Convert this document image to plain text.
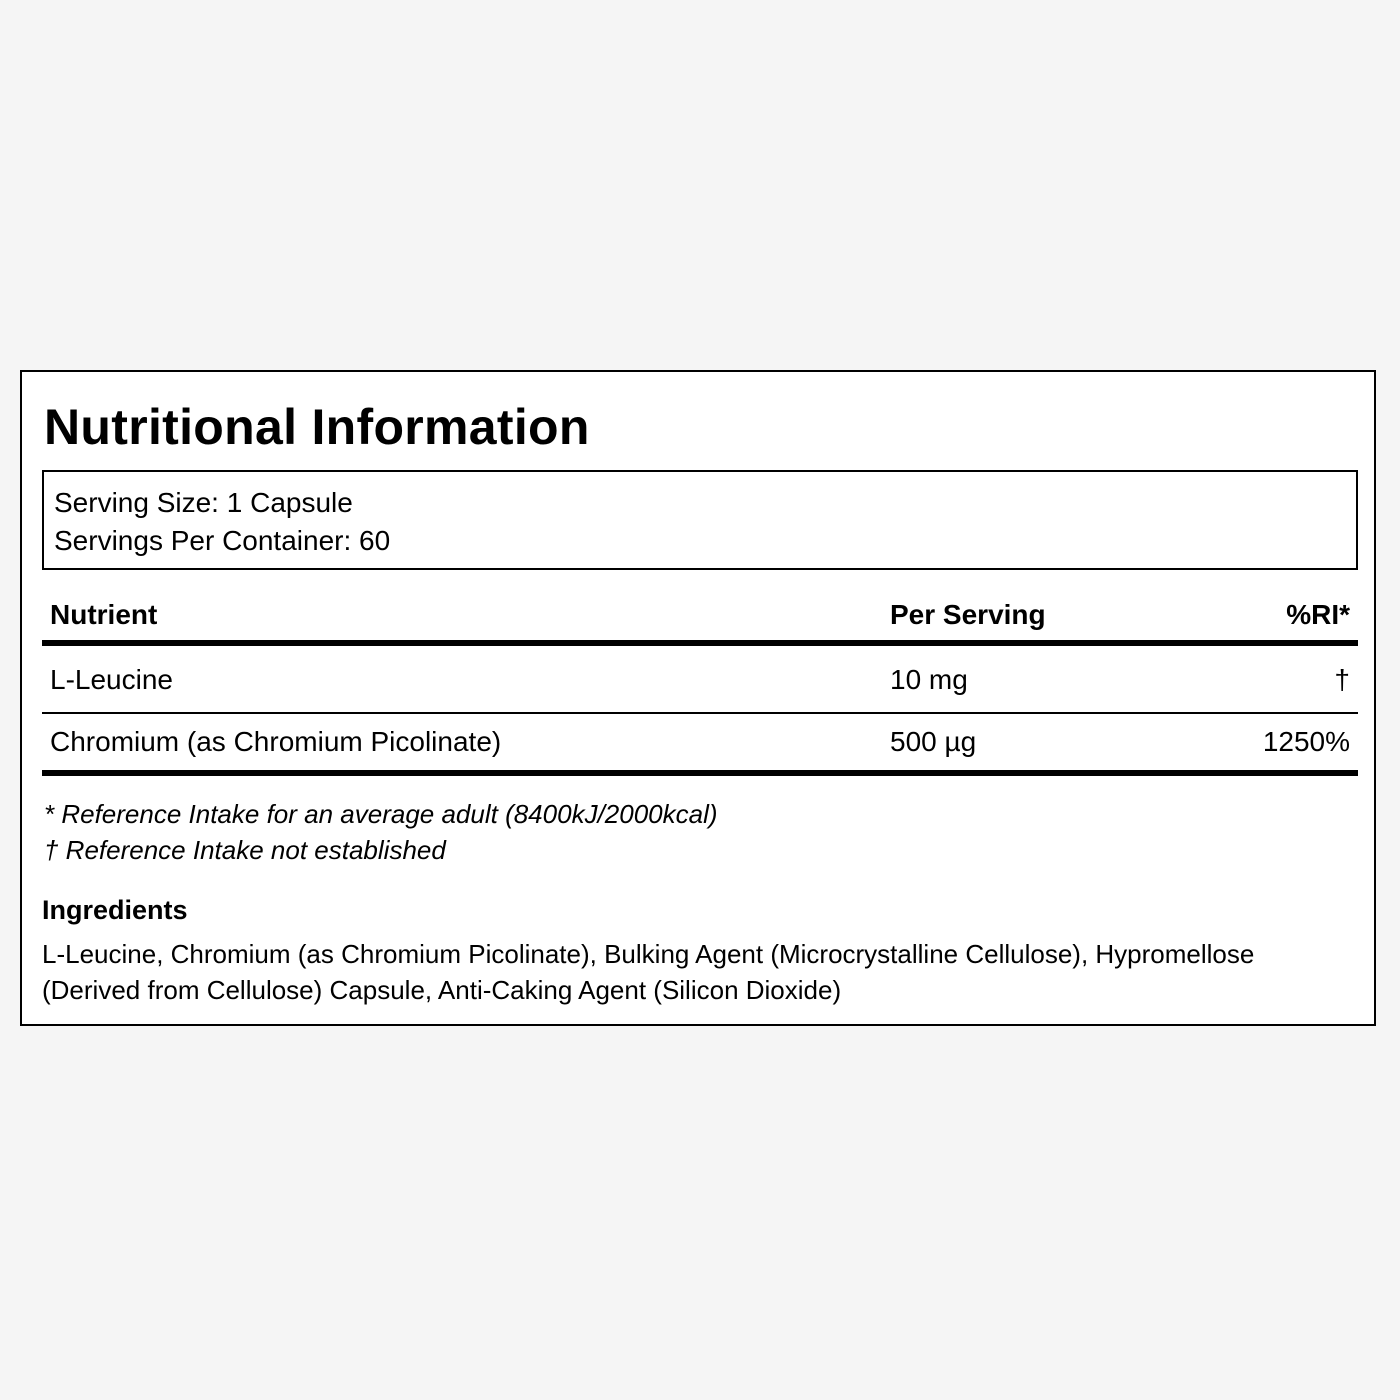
Nutritional Information
Serving Size: 1 Capsule
Servings Per Container: 60
Nutrient	Per Serving	%RI*
L-Leucine	10 mg	†
Chromium (as Chromium Picolinate)	500 µg	1250%
* Reference Intake for an average adult (8400kJ/2000kcal)
† Reference Intake not established
Ingredients
L-Leucine, Chromium (as Chromium Picolinate), Bulking Agent (Microcrystalline Cellulose), Hypromellose (Derived from Cellulose) Capsule, Anti-Caking Agent (Silicon Dioxide)
